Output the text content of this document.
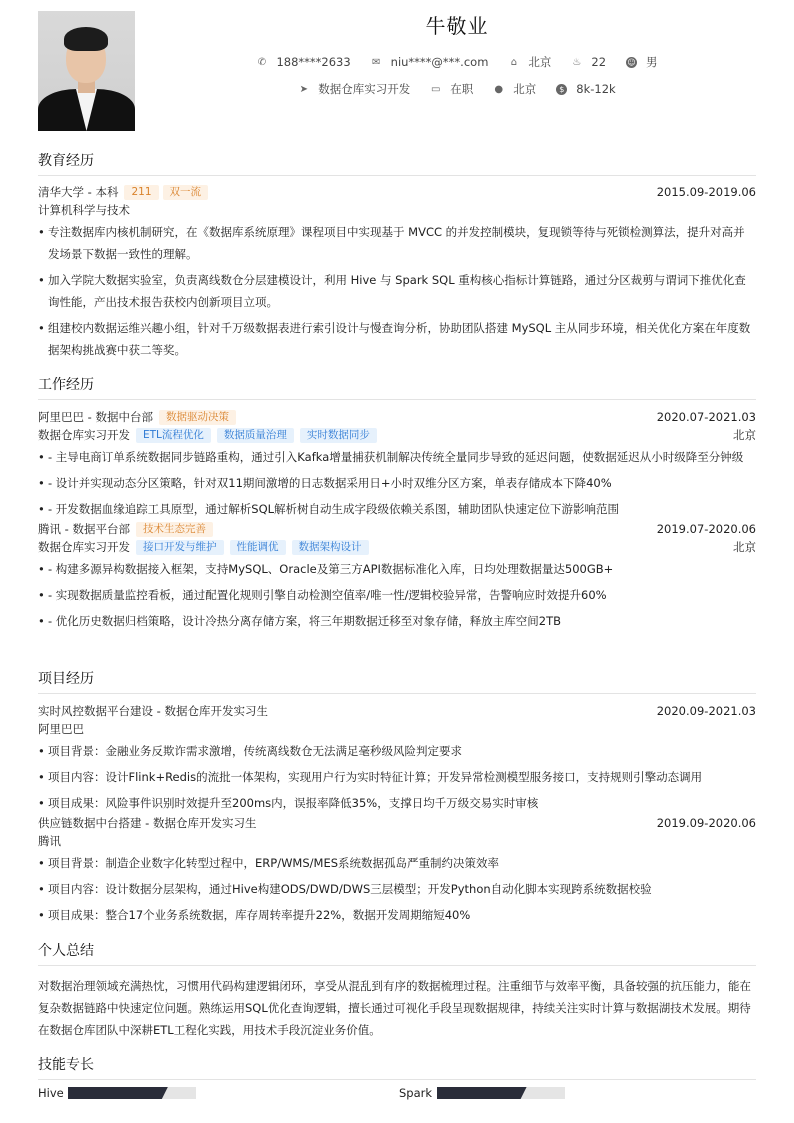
牛敬业
✆ 188****2633 ✉ niu****@***.com ⌂ 北京 ♨ 22	☺ 男
➤ 数据仓库实习开发 ▭ 在职 ● 北京	$ 8k-12k
教育经历
清华大学 - 本科	211	双一流	2015.09-2019.06
计算机科学与技术
• 专注数据库内核机制研究，在《数据库系统原理》课程项目中实现基于 MVCC 的并发控制模块，复现锁等待与死锁检测算法，提升对高并发场景下数据一致性的理解。
• 加入学院大数据实验室，负责离线数仓分层建模设计，利用 Hive 与 Spark SQL 重构核心指标计算链路，通过分区裁剪与谓词下推优化查询性能，产出技术报告获校内创新项目立项。
• 组建校内数据运维兴趣小组，针对千万级数据表进行索引设计与慢查询分析，协助团队搭建 MySQL 主从同步环境，相关优化方案在年度数据架构挑战赛中获二等奖。
工作经历
阿里巴巴 - 数据中台部	数据驱动决策	2020.07-2021.03
数据仓库实习开发	ETL流程优化	数据质量治理	实时数据同步	北京
• - 主导电商订单系统数据同步链路重构，通过引入Kafka增量捕获机制解决传统全量同步导致的延迟问题，使数据延迟从小时级降至分钟级
• - 设计并实现动态分区策略，针对双11期间激增的日志数据采用日+小时双维分区方案，单表存储成本下降40%
• - 开发数据血缘追踪工具原型，通过解析SQL解析树自动生成字段级依赖关系图，辅助团队快速定位下游影响范围
腾讯 - 数据平台部	技术生态完善	2019.07-2020.06
数据仓库实习开发	接口开发与维护	性能调优	数据架构设计	北京
• - 构建多源异构数据接入框架，支持MySQL、Oracle及第三方API数据标准化入库，日均处理数据量达500GB+
• - 实现数据质量监控看板，通过配置化规则引擎自动检测空值率/唯一性/逻辑校验异常，告警响应时效提升60%
• - 优化历史数据归档策略，设计冷热分离存储方案，将三年期数据迁移至对象存储，释放主库空间2TB
项目经历
实时风控数据平台建设 - 数据仓库开发实习生	2020.09-2021.03
阿里巴巴
• 项目背景：金融业务反欺诈需求激增，传统离线数仓无法满足毫秒级风险判定要求
• 项目内容：设计Flink+Redis的流批一体架构，实现用户行为实时特征计算；开发异常检测模型服务接口，支持规则引擎动态调用
• 项目成果：风险事件识别时效提升至200ms内，误报率降低35%，支撑日均千万级交易实时审核
供应链数据中台搭建 - 数据仓库开发实习生	2019.09-2020.06
腾讯
• 项目背景：制造企业数字化转型过程中，ERP/WMS/MES系统数据孤岛严重制约决策效率
• 项目内容：设计数据分层架构，通过Hive构建ODS/DWD/DWS三层模型；开发Python自动化脚本实现跨系统数据校验
• 项目成果：整合17个业务系统数据，库存周转率提升22%，数据开发周期缩短40%
个人总结
对数据治理领域充满热忱，习惯用代码构建逻辑闭环，享受从混乱到有序的数据梳理过程。注重细节与效率平衡，具备较强的抗压能力，能在复杂数据链路中快速定位问题。熟练运用SQL优化查询逻辑，擅长通过可视化手段呈现数据规律，持续关注实时计算与数据湖技术发展。期待在数据仓库团队中深耕ETL工程化实践，用技术手段沉淀业务价值。
技能专长
Hive	Spark
